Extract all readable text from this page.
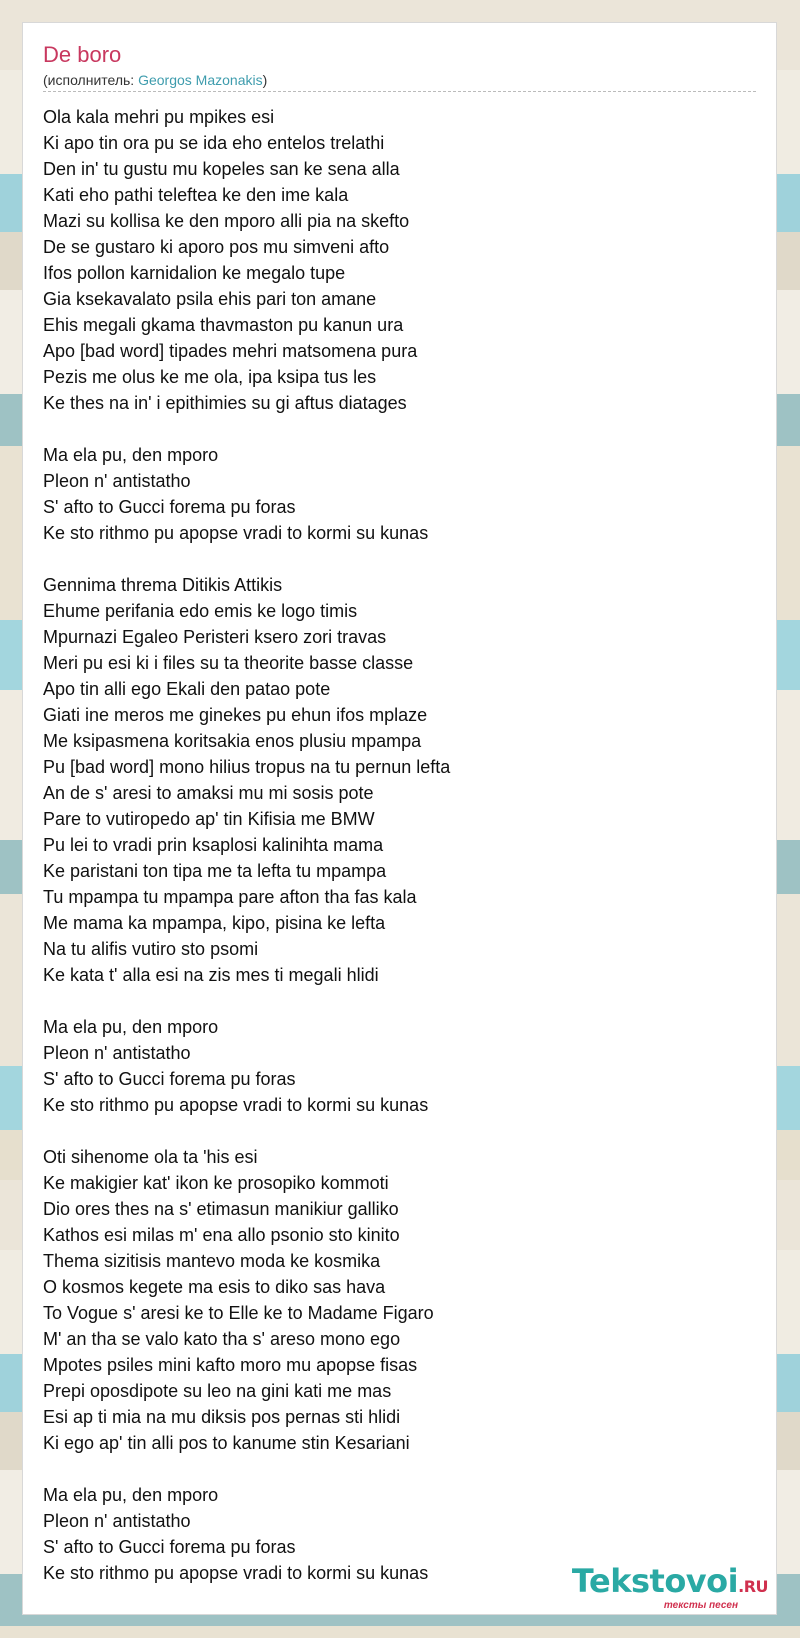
De boro
(исполнитель: Georgos Mazonakis)
Ola kala mehri pu mpikes esi
Ki apo tin ora pu se ida eho entelos trelathi
Den in' tu gustu mu kopeles san ke sena alla
Kati eho pathi teleftea ke den ime kala
Mazi su kollisa ke den mporo alli pia na skefto
De se gustaro ki aporo pos mu simveni afto
Ifos pollon karnidalion ke megalo tupe
Gia ksekavalato psila ehis pari ton amane
Ehis megali gkama thavmaston pu kanun ura
Apo [bad word] tipades mehri matsomena pura
Pezis me olus ke me ola, ipa ksipa tus les
Ke thes na in' i epithimies su gi aftus diatages
Ma ela pu, den mporo
Pleon n' antistatho
S' afto to Gucci forema pu foras
Ke sto rithmo pu apopse vradi to kormi su kunas
Gennima threma Ditikis Attikis
Ehume perifania edo emis ke logo timis
Mpurnazi Egaleo Peristeri ksero zori travas
Meri pu esi ki i files su ta theorite basse classe
Apo tin alli ego Ekali den patao pote
Giati ine meros me ginekes pu ehun ifos mplaze
Me ksipasmena koritsakia enos plusiu mpampa
Pu [bad word] mono hilius tropus na tu pernun lefta
An de s' aresi to amaksi mu mi sosis pote
Pare to vutiropedo ap' tin Kifisia me BMW
Pu lei to vradi prin ksaplosi kalinihta mama
Ke paristani ton tipa me ta lefta tu mpampa
Tu mpampa tu mpampa pare afton tha fas kala
Me mama ka mpampa, kipo, pisina ke lefta
Na tu alifis vutiro sto psomi
Ke kata t' alla esi na zis mes ti megali hlidi
Ma ela pu, den mporo
Pleon n' antistatho
S' afto to Gucci forema pu foras
Ke sto rithmo pu apopse vradi to kormi su kunas
Oti sihenome ola ta 'his esi
Ke makigier kat' ikon ke prosopiko kommoti
Dio ores thes na s' etimasun manikiur galliko
Kathos esi milas m' ena allo psonio sto kinito
Thema sizitisis mantevo moda ke kosmika
O kosmos kegete ma esis to diko sas hava
To Vogue s' aresi ke to Elle ke to Madame Figaro
M' an tha se valo kato tha s' areso mono ego
Mpotes psiles mini kafto moro mu apopse fisas
Prepi oposdipote su leo na gini kati me mas
Esi ap ti mia na mu diksis pos pernas sti hlidi
Ki ego ap' tin alli pos to kanume stin Kesariani
Ma ela pu, den mporo
Pleon n' antistatho
S' afto to Gucci forema pu foras
Ke sto rithmo pu apopse vradi to kormi su kunas	Tekstovoi.RU
тексты песен
